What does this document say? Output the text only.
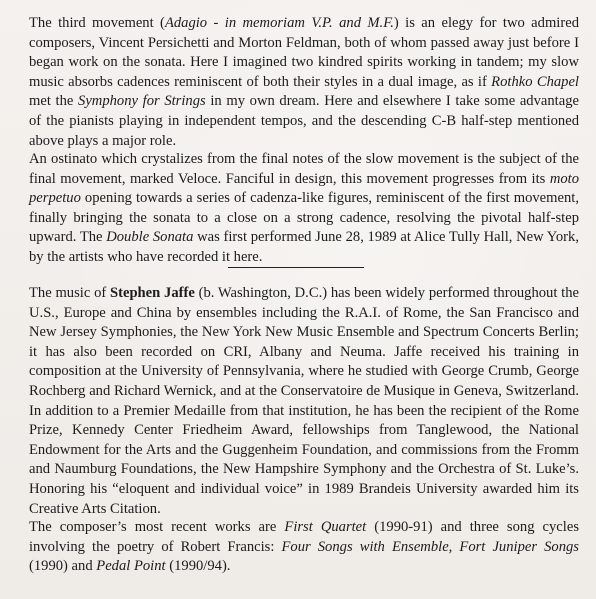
The third movement (Adagio - in memoriam V.P. and M.F.) is an elegy for two admired composers, Vincent Persichetti and Morton Feldman, both of whom passed away just before I began work on the sonata. Here I imagined two kindred spirits working in tandem; my slow music absorbs cadences reminiscent of both their styles in a dual image, as if Rothko Chapel met the Symphony for Strings in my own dream. Here and elsewhere I take some advantage of the pianists playing in independent tempos, and the descending C-B half-step mentioned above plays a major role.

An ostinato which crystalizes from the final notes of the slow movement is the subject of the final movement, marked Veloce. Fanciful in design, this movement progresses from its moto perpetuo opening towards a series of cadenza-like figures, reminiscent of the first movement, finally bringing the sonata to a close on a strong cadence, resolving the pivotal half-step upward. The Double Sonata was first performed June 28, 1989 at Alice Tully Hall, New York, by the artists who have recorded it here.

The music of Stephen Jaffe (b. Washington, D.C.) has been widely performed throughout the U.S., Europe and China by ensembles including the R.A.I. of Rome, the San Francisco and New Jersey Symphonies, the New York New Music Ensemble and Spectrum Concerts Berlin; it has also been recorded on CRI, Albany and Neuma. Jaffe received his training in composition at the University of Pennsylvania, where he studied with George Crumb, George Rochberg and Richard Wernick, and at the Conservatoire de Musique in Geneva, Switzerland. In addition to a Premier Medaille from that institution, he has been the recipient of the Rome Prize, Kennedy Center Friedheim Award, fellowships from Tanglewood, the National Endowment for the Arts and the Guggenheim Foundation, and commissions from the Fromm and Naumburg Foundations, the New Hampshire Symphony and the Orchestra of St. Luke’s. Honoring his “eloquent and individual voice” in 1989 Brandeis University awarded him its Creative Arts Citation.

The composer’s most recent works are First Quartet (1990-91) and three song cycles involving the poetry of Robert Francis: Four Songs with Ensemble, Fort Juniper Songs (1990) and Pedal Point (1990/94).
